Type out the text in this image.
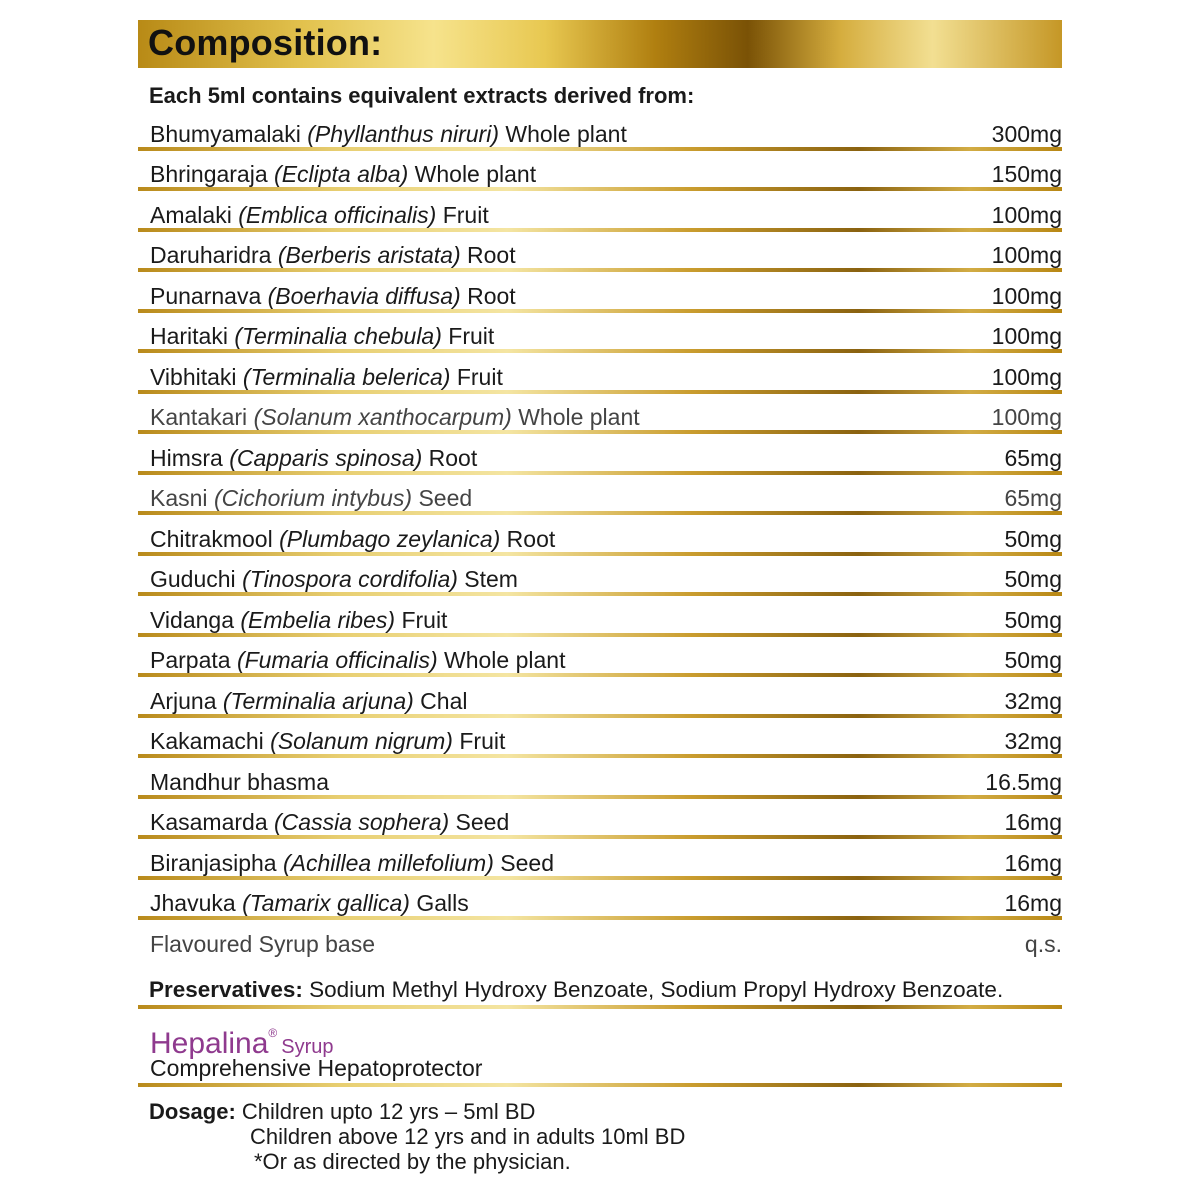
Composition:
Each 5ml contains equivalent extracts derived from:
Bhumyamalaki (Phyllanthus niruri) Whole plant	300mg
Bhringaraja (Eclipta alba) Whole plant	150mg
Amalaki (Emblica officinalis) Fruit	100mg
Daruharidra (Berberis aristata) Root	100mg
Punarnava (Boerhavia diffusa) Root	100mg
Haritaki (Terminalia chebula) Fruit	100mg
Vibhitaki (Terminalia belerica) Fruit	100mg
Kantakari (Solanum xanthocarpum) Whole plant	100mg
Himsra (Capparis spinosa) Root	65mg
Kasni (Cichorium intybus) Seed	65mg
Chitrakmool (Plumbago zeylanica) Root	50mg
Guduchi (Tinospora cordifolia) Stem	50mg
Vidanga (Embelia ribes) Fruit	50mg
Parpata (Fumaria officinalis) Whole plant	50mg
Arjuna (Terminalia arjuna) Chal	32mg
Kakamachi (Solanum nigrum) Fruit	32mg
Mandhur bhasma	16.5mg
Kasamarda (Cassia sophera) Seed	16mg
Biranjasipha (Achillea millefolium) Seed	16mg
Jhavuka (Tamarix gallica) Galls	16mg
Flavoured Syrup base	q.s.
Preservatives: Sodium Methyl Hydroxy Benzoate, Sodium Propyl Hydroxy Benzoate.
Hepalina®Syrup
Comprehensive Hepatoprotector
Dosage: Children upto 12 yrs – 5ml BD
Children above 12 yrs and in adults 10ml BD
*Or as directed by the physician.
